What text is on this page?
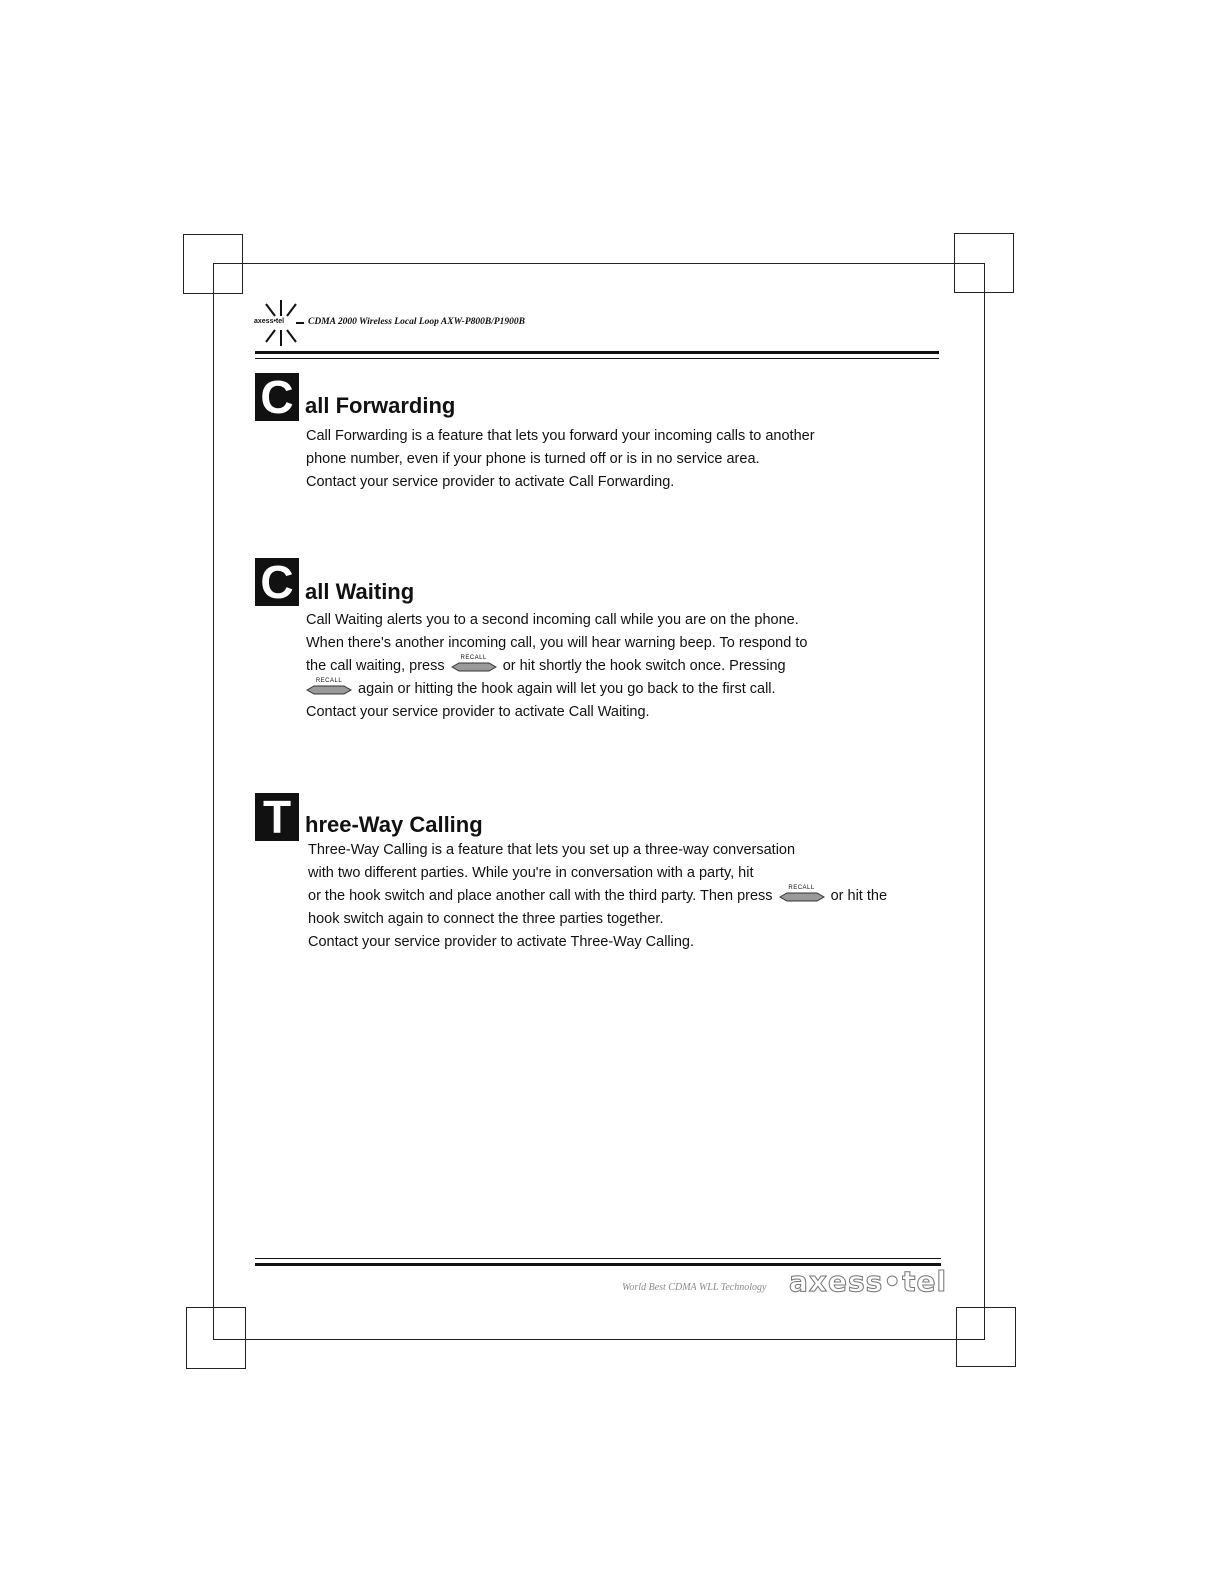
axess•tel	CDMA 2000 Wireless Local Loop AXW-P800B/P1900B
C all Forwarding

Call Forwarding is a feature that lets you forward your incoming calls to another

phone number, even if your phone is turned off or is in no service area.

Contact your service provider to activate Call Forwarding.

C all Waiting

Call Waiting alerts you to a second incoming call while you are on the phone.

When there's another incoming call, you will hear warning beep. To respond to

the call waiting, press	RECALL	or hit shortly the hook switch once. Pressing

RECALL	again or hitting the hook again will let you go back to the first call.

Contact your service provider to activate Call Waiting.

T hree-Way Calling

Three-Way Calling is a feature that lets you set up a three-way conversation

with two different parties. While you're in conversation with a party, hit

or the hook switch and place another call with the third party. Then press	RECALL	or hit the

hook switch again to connect the three parties together.

Contact your service provider to activate Three-Way Calling.

World Best CDMA WLL Technology axess•tel
